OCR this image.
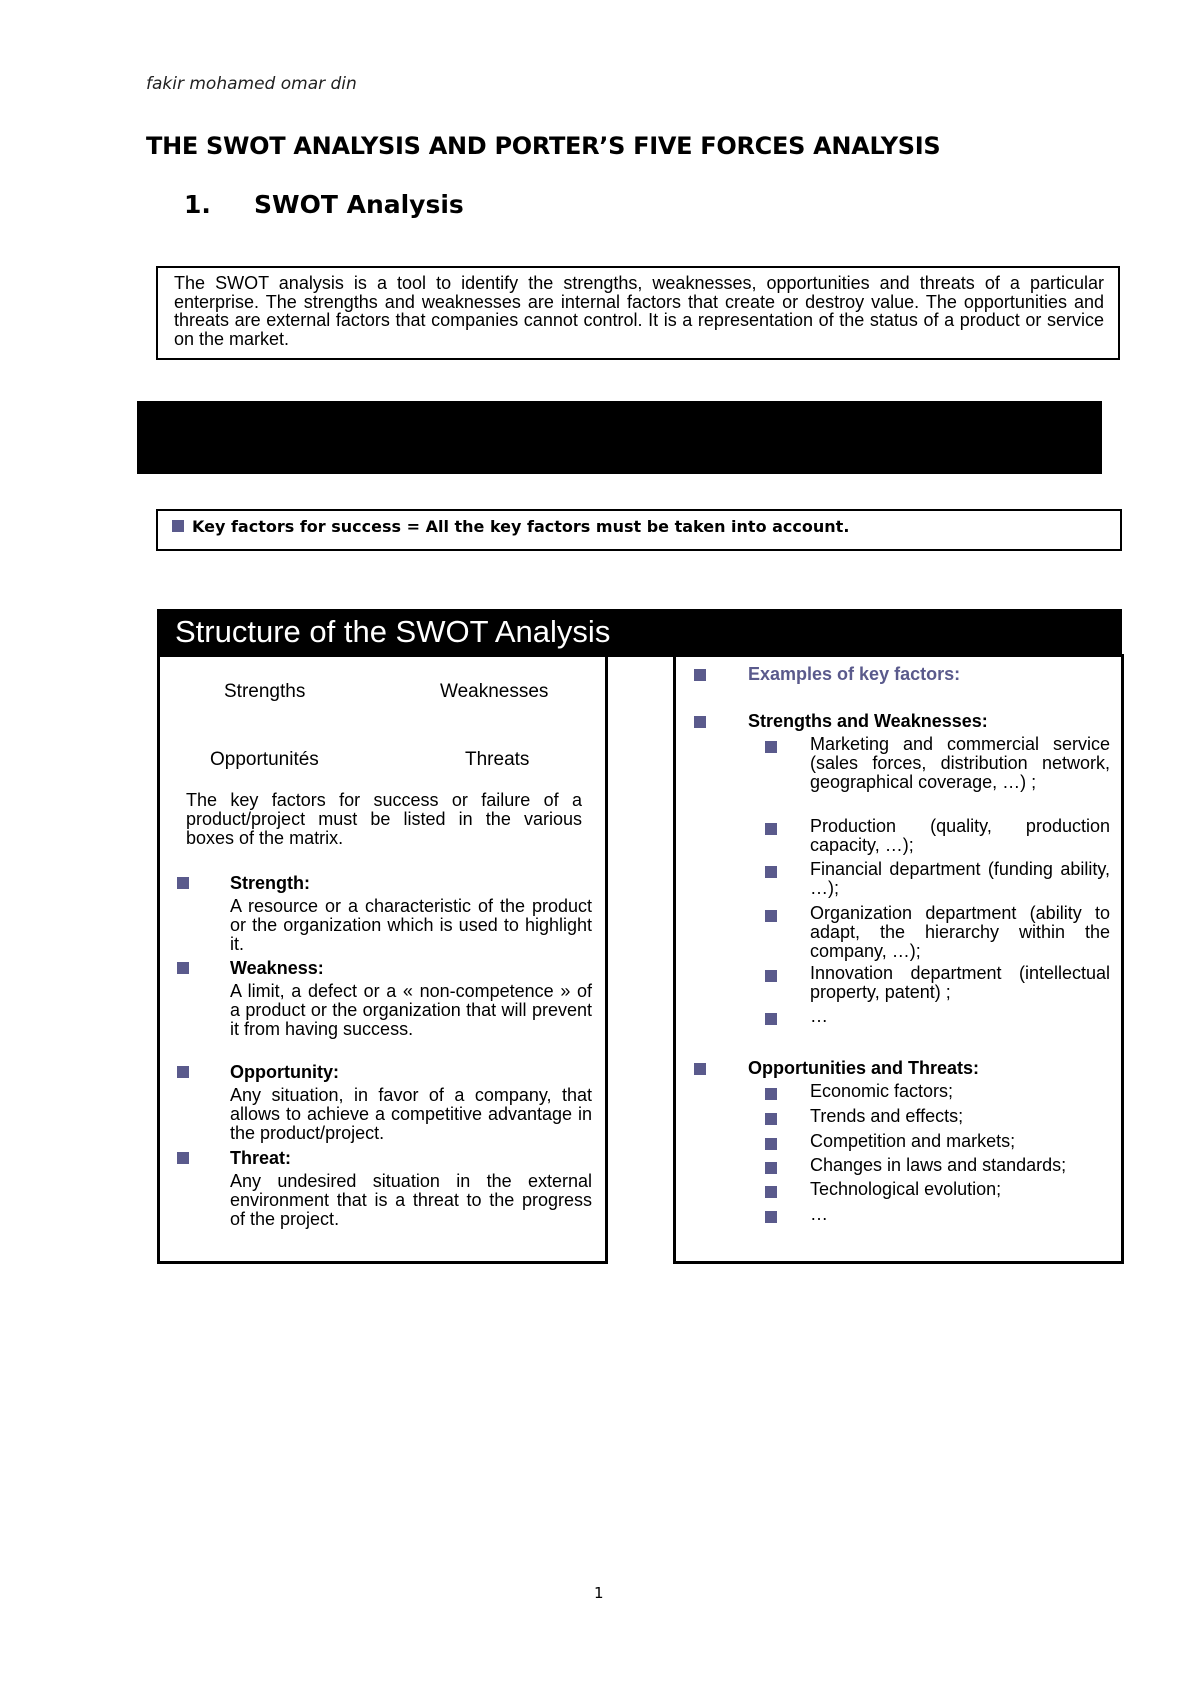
fakir mohamed omar din
THE SWOT ANALYSIS AND PORTER’S FIVE FORCES ANALYSIS
1. SWOT Analysis
The SWOT analysis is a tool to identify the strengths, weaknesses, opportunities and threats of a particular enterprise. The strengths and weaknesses are internal factors that create or destroy value. The opportunities and threats are external factors that companies cannot control. It is a representation of the status of a product or service on the market.
Key factors for success = All the key factors must be taken into account.
Structure of the SWOT Analysis
Strengths	Weaknesses
Opportunités	Threats
The key factors for success or failure of a product/project must be listed in the various boxes of the matrix.
Strength:
A resource or a characteristic of the product or the organization which is used to highlight it.
Weakness:
A limit, a defect or a « non-competence » of a product or the organization that will prevent it from having success.
Opportunity:
Any situation, in favor of a company, that allows to achieve a competitive advantage in the product/project.
Threat:
Any undesired situation in the external environment that is a threat to the progress of the project.
Examples of key factors:
Strengths and Weaknesses:
Marketing and commercial service (sales forces, distribution network, geographical coverage, …) ;
Production (quality, production capacity, …);
Financial department (funding ability, …);
Organization department (ability to adapt, the hierarchy within the company, …);
Innovation department (intellectual property, patent) ;
…
Opportunities and Threats:
Economic factors;
Trends and effects;
Competition and markets;
Changes in laws and standards;
Technological evolution;
…
1
